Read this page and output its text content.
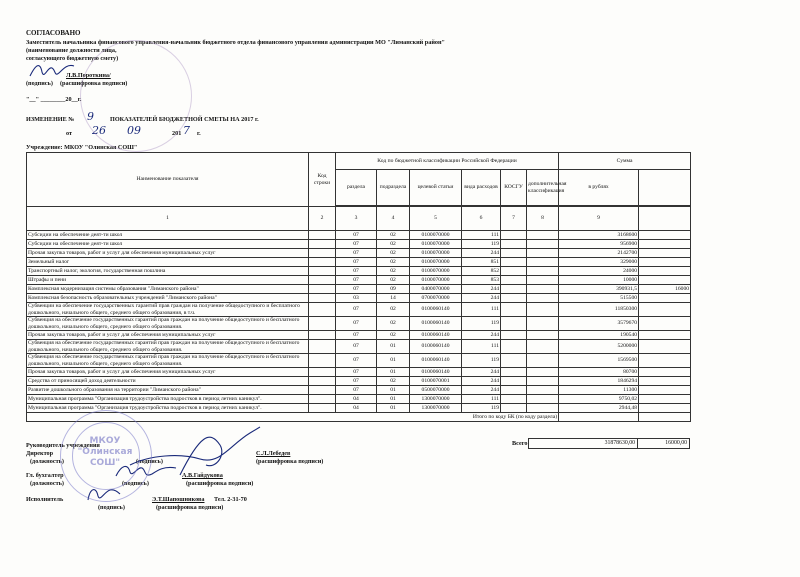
СОГЛАСОВАНО
Заместитель начальника финансового управления-начальник бюджетного отдела финансового управления администрации МО "Лиманский район"
(наименование должности лица,
согласующего бюджетную смету)
Л.В.Пороткина/
(подпись) (расшифровка подписи)
"__" ________20__г.
ИЗМЕНЕНИЕ № 9	ПОКАЗАТЕЛЕЙ БЮДЖЕТНОЙ СМЕТЫ НА 2017 г.
от 26 09	201 7 г.
Учреждение: МКОУ "Олинская СОШ"
Наименование показателя	Код строки	Код по бюджетной классификации Российской Федерации						Сумма	
		раздела	подраздела	целевой статьи	вида расходов	КОСГУ	дополнительная классификация	в рублях	

1	2	3	4	5	6	7	8	9	
Субсидии на обеспечение деят-ти школ		07	02	0100070000	111			3168600	
Субсидии на обеспечение деят-ти школ		07	02	0100070000	119			956900	
Прочая закупка товаров, работ и услуг для обеспечения муниципальных услуг		07	02	0100070000	244			2142700	
Земельный налог		07	02	0100070000	851			329000	
Транспортный налог, экология, государственная пошлина		07	02	0100070000	852			24000	
Штрафы и пени		07	02	0100070000	853			10000	
Комплексная модернизация системы образования "Лиманского района"		07	09	0400070000	244			390931,5	16000
Комплексная безопасность образовательных учреждений "Лиманского района"		03	14	0700070000	244			515500	
Субвенции на обеспечение государственных гарантий прав граждан на получение общедоступного и бесплатного дошкольного, начального общего, среднего общего образования, в т.ч.		07	02	0100060140	111			11850300	
Субвенция на обеспечение государственных гарантий прав граждан на получение общедоступного и бесплатного дошкольного, начального общего, среднего общего образования.		07	02	0100060140	119			3579670	
Прочая закупка товаров, работ и услуг для обеспечения муниципальных услуг		07	02	0100060140	244			190540	
Субвенция на обеспечение государственных гарантий прав граждан на получение общедоступного и бесплатного дошкольного, начального общего, среднего общего образования.		07	01	0100060140	111			5200000	
Субвенция на обеспечение государственных гарантий прав граждан на получение общедоступного и бесплатного дошкольного, начального общего, среднего общего образования.		07	01	0100060140	119			1569500	
Прочая закупка товаров, работ и услуг для обеспечения муниципальных услуг		07	01	0100060140	244			80700	
Средства от приносящей доход деятельности		07	02	0100070001	244			1846294	
Развитие дошкольного образования на территории "Лиманского района"		07	01	0500070000	244			11300	
Муниципальная программа "Организация трудоустройства подростков в период летних каникул".		04	01	1300070000	111			9750,02	
Муниципальная программа "Организация трудоустройства подростков в период летних каникул".		04	01	1300070000	119			2944,48	
Итого по коду БК (по коду раздела)									
Всего	31878630,00	16000,00
Руководитель учреждения
Директор	С.Л.Лебедев
(должность)	(подпись)	(расшифровка подписи)
Гл. бухгалтер	А.В.Гайдукова
(должность)	(подпись)	(расшифровка подписи)
Исполнитель	Э.Т.Шапошникова Тел. 2-31-70
(подпись)	(расшифровка подписи)
МКОУ
"Олинская
СОШ"
